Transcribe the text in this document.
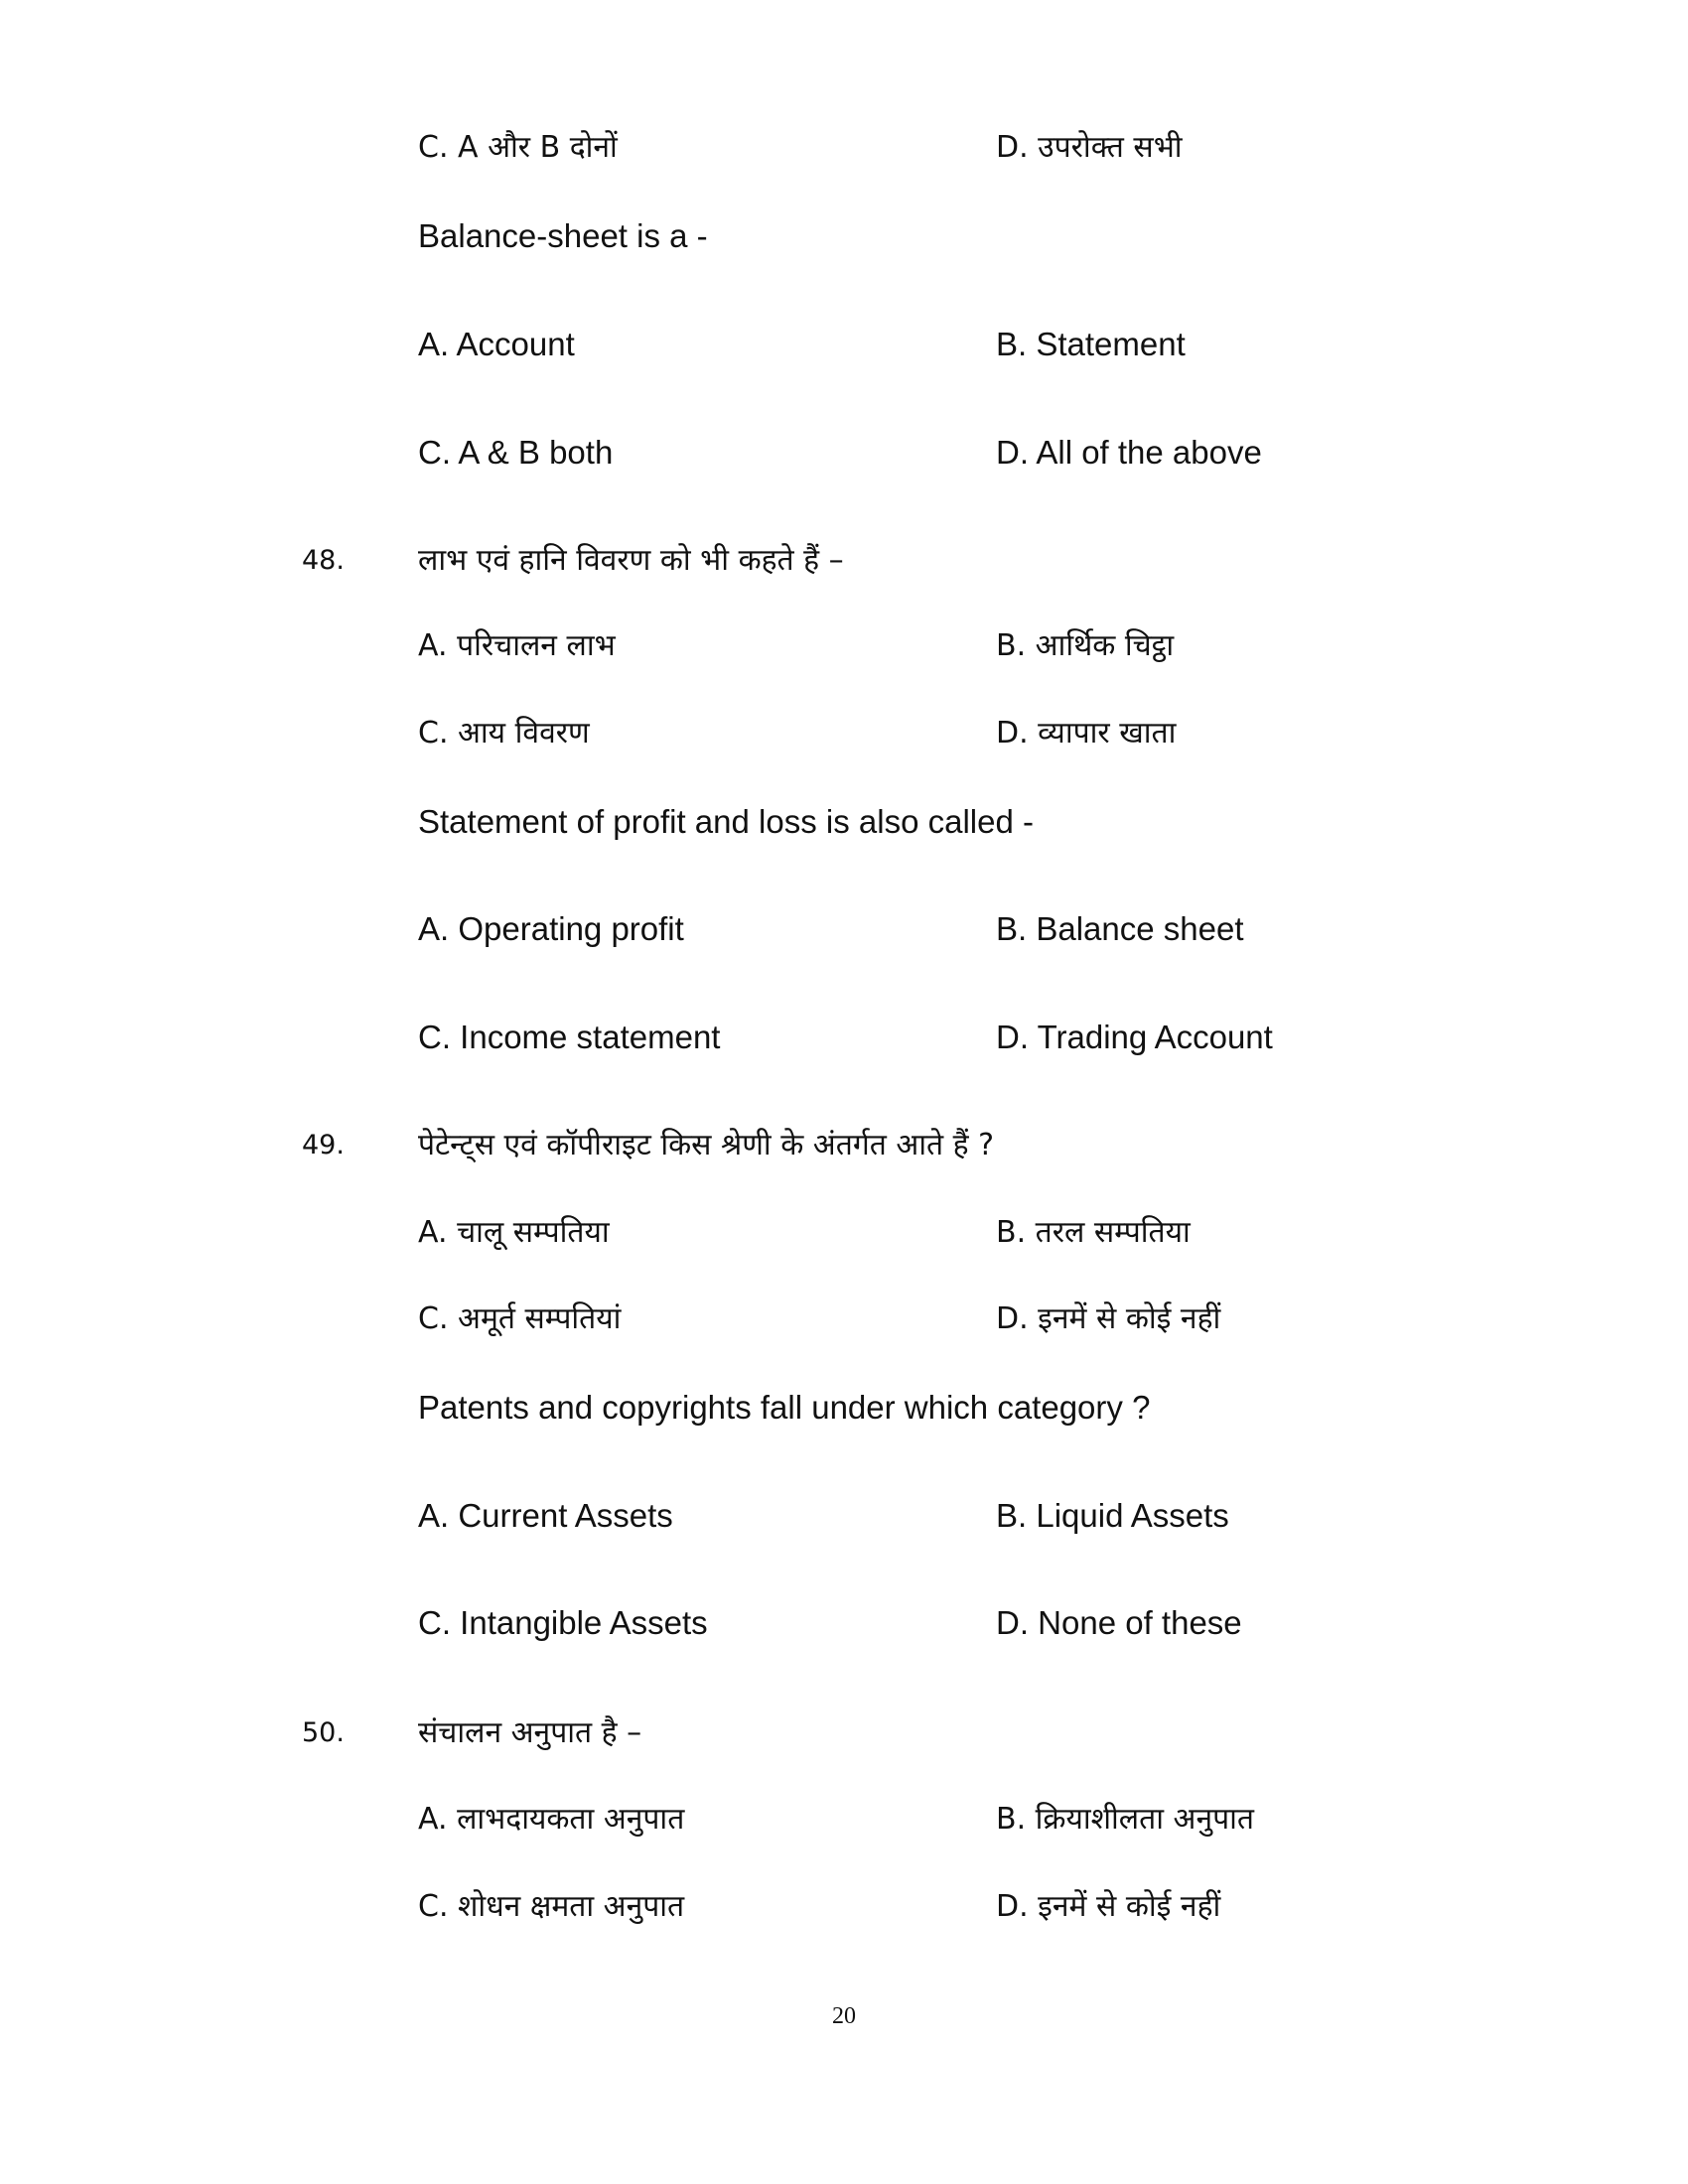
C. A और B दोनों	D. उपरोक्त सभी
Balance-sheet is a -
A. Account	B. Statement
C. A & B both	D. All of the above
48. लाभ एवं हानि विवरण को भी कहते हैं –
A. परिचालन लाभ	B. आर्थिक चिट्ठा
C. आय विवरण	D. व्यापार खाता
Statement of profit and loss is also called -
A. Operating profit	B. Balance sheet
C. Income statement	D. Trading Account
49. पेटेन्ट्स एवं कॉपीराइट किस श्रेणी के अंतर्गत आते हैं ?
A. चालू सम्पतिया	B. तरल सम्पतिया
C. अमूर्त सम्पतियां	D. इनमें से कोई नहीं
Patents and copyrights fall under which category ?
A. Current Assets	B. Liquid Assets
C. Intangible Assets	D. None of these
50. संचालन अनुपात है –
A. लाभदायकता अनुपात	B. क्रियाशीलता अनुपात
C. शोधन क्षमता अनुपात	D. इनमें से कोई नहीं
20
